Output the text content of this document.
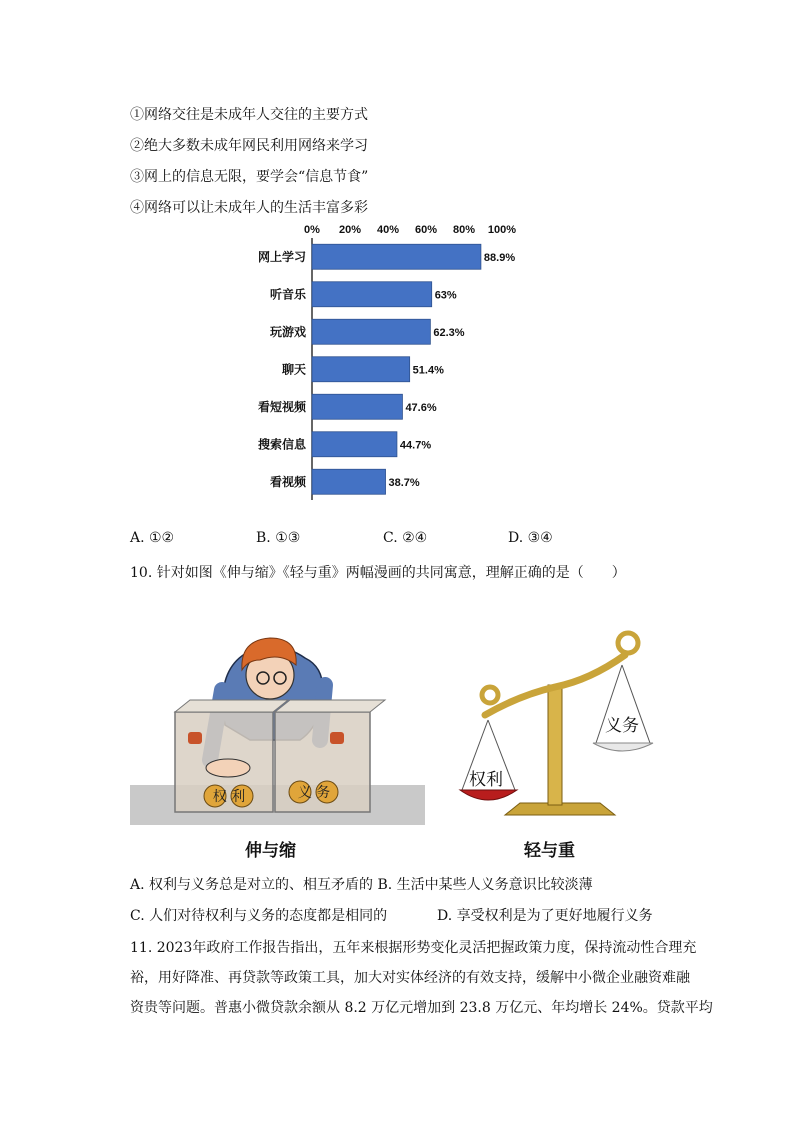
①网络交往是未成年人交往的主要方式
②绝大多数未成年网民利用网络来学习
③网上的信息无限，要学会“信息节食”
④网络可以让未成年人的生活丰富多彩
0% 20% 40% 60% 80% 100%
网上学习	88.9%
听音乐	63%
玩游戏	62.3%
聊天	51.4%
看短视频	47.6%
搜索信息	44.7%
看视频	38.7%
A. ①②	B. ①③	C. ②④	D. ③④
10. 针对如图《伸与缩》《轻与重》两幅漫画的共同寓意，理解正确的是（　　）
权 利	义 务
权利
义务
伸与缩	轻与重
A. 权利与义务总是对立的、相互矛盾的 B. 生活中某些人义务意识比较淡薄
C. 人们对待权利与义务的态度都是相同的	D. 享受权利是为了更好地履行义务
11. 2023年政府工作报告指出，五年来根据形势变化灵活把握政策力度，保持流动性合理充
裕，用好降准、再贷款等政策工具，加大对实体经济的有效支持，缓解中小微企业融资难融
资贵等问题。普惠小微贷款余额从 8.2 万亿元增加到 23.8 万亿元、年均增长 24%。贷款平均
